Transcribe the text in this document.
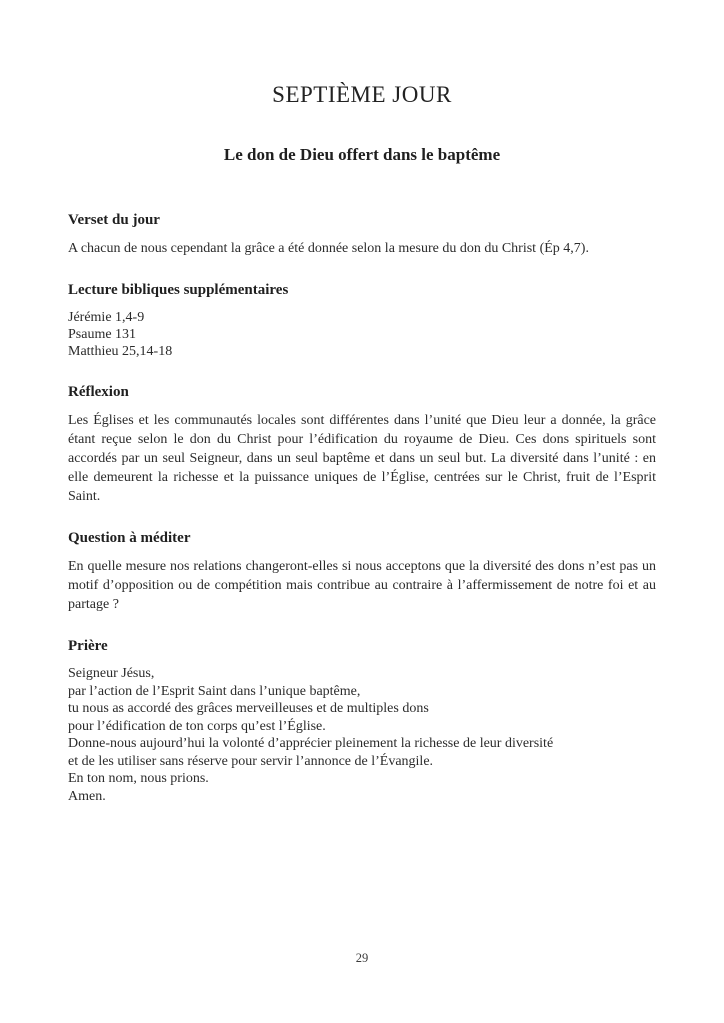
SEPTIÈME JOUR
Le don de Dieu offert dans le baptême
Verset du jour

A chacun de nous cependant la grâce a été donnée selon la mesure du don du Christ (Ép 4,7).

Lecture bibliques supplémentaires

Jérémie 1,4-9

Psaume 131

Matthieu 25,14-18

Réflexion

Les Églises et les communautés locales sont différentes dans l’unité que Dieu leur a donnée, la grâce étant reçue selon le don du Christ pour l’édification du royaume de Dieu. Ces dons spirituels sont accordés par un seul Seigneur, dans un seul baptême et dans un seul but. La diversité dans l’unité : en elle demeurent la richesse et la puissance uniques de l’Église, centrées sur le Christ, fruit de l’Esprit Saint.

Question à méditer

En quelle mesure nos relations changeront-elles si nous acceptons que la diversité des dons n’est pas un motif d’opposition ou de compétition mais contribue au contraire à l’affermissement de notre foi et au partage ?

Prière

Seigneur Jésus,

par l’action de l’Esprit Saint dans l’unique baptême,

tu nous as accordé des grâces merveilleuses et de multiples dons

pour l’édification de ton corps qu’est l’Église.

Donne-nous aujourd’hui la volonté d’apprécier pleinement la richesse de leur diversité

et de les utiliser sans réserve pour servir l’annonce de l’Évangile.

En ton nom, nous prions.

Amen.

29
